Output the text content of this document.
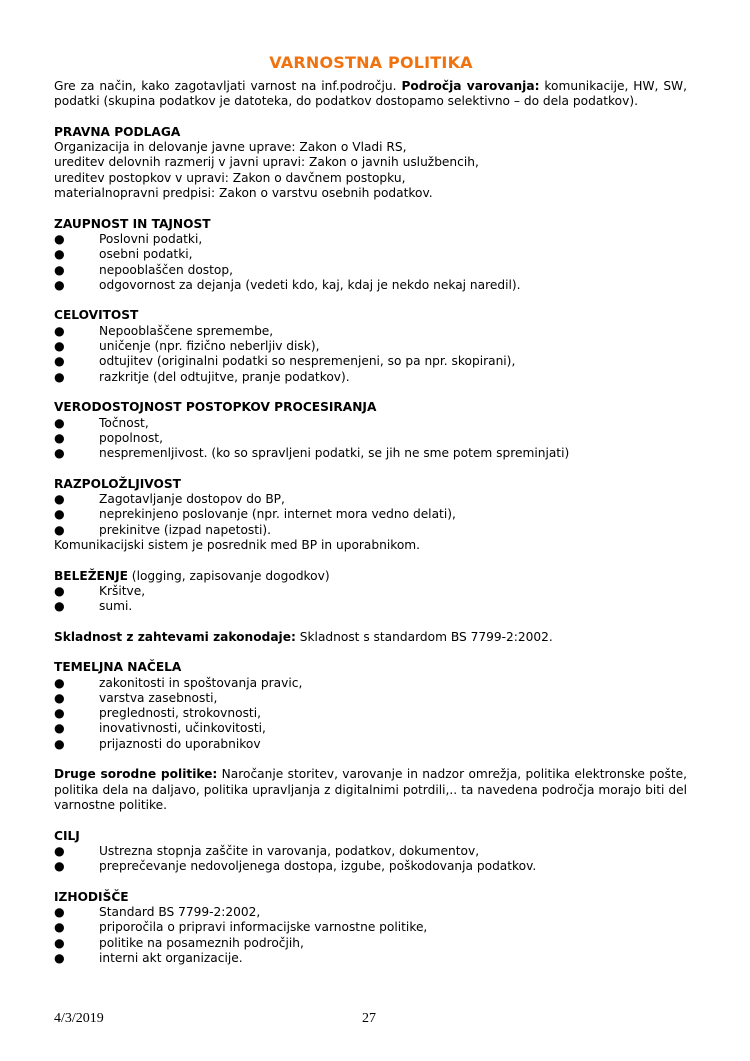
VARNOSTNA POLITIKA

Gre za način, kako zagotavljati varnost na inf.področju. Področja varovanja: komunikacije, HW, SW, podatki (skupina podatkov je datoteka, do podatkov dostopamo selektivno – do dela podatkov).

PRAVNA PODLAGA

Organizacija in delovanje javne uprave: Zakon o Vladi RS,

ureditev delovnih razmerij v javni upravi: Zakon o javnih uslužbencih,

ureditev postopkov v upravi: Zakon o davčnem postopku,

materialnopravni predpisi: Zakon o varstvu osebnih podatkov.

ZAUPNOST IN TAJNOST

●	Poslovni podatki,
●	osebni podatki,
●	nepooblaščen dostop,
●	odgovornost za dejanja (vedeti kdo, kaj, kdaj je nekdo nekaj naredil).

CELOVITOST

●	Nepooblaščene spremembe,
●	uničenje (npr. fizično neberljiv disk),
●	odtujitev (originalni podatki so nespremenjeni, so pa npr. skopirani),
●	razkritje (del odtujitve, pranje podatkov).

VERODOSTOJNOST POSTOPKOV PROCESIRANJA

●	Točnost,
●	popolnost,
●	nespremenljivost. (ko so spravljeni podatki, se jih ne sme potem spreminjati)

RAZPOLOŽLJIVOST

●	Zagotavljanje dostopov do BP,
●	neprekinjeno poslovanje (npr. internet mora vedno delati),
●	prekinitve (izpad napetosti).

Komunikacijski sistem je posrednik med BP in uporabnikom.

BELEŽENJE (logging, zapisovanje dogodkov)

●	Kršitve,
●	sumi.

Skladnost z zahtevami zakonodaje: Skladnost s standardom BS 7799-2:2002.

TEMELJNA NAČELA

●	zakonitosti in spoštovanja pravic,
●	varstva zasebnosti,
●	preglednosti, strokovnosti,
●	inovativnosti, učinkovitosti,
●	prijaznosti do uporabnikov

Druge sorodne politike: Naročanje storitev, varovanje in nadzor omrežja, politika elektronske pošte, politika dela na daljavo, politika upravljanja z digitalnimi potrdili,.. ta navedena področja morajo biti del varnostne politike.

CILJ

●	Ustrezna stopnja zaščite in varovanja, podatkov, dokumentov,
●	preprečevanje nedovoljenega dostopa, izgube, poškodovanja podatkov.

IZHODIŠČE

●	Standard BS 7799-2:2002,
●	priporočila o pripravi informacijske varnostne politike,
●	politike na posameznih področjih,
●	interni akt organizacije.
4/3/2019	27
